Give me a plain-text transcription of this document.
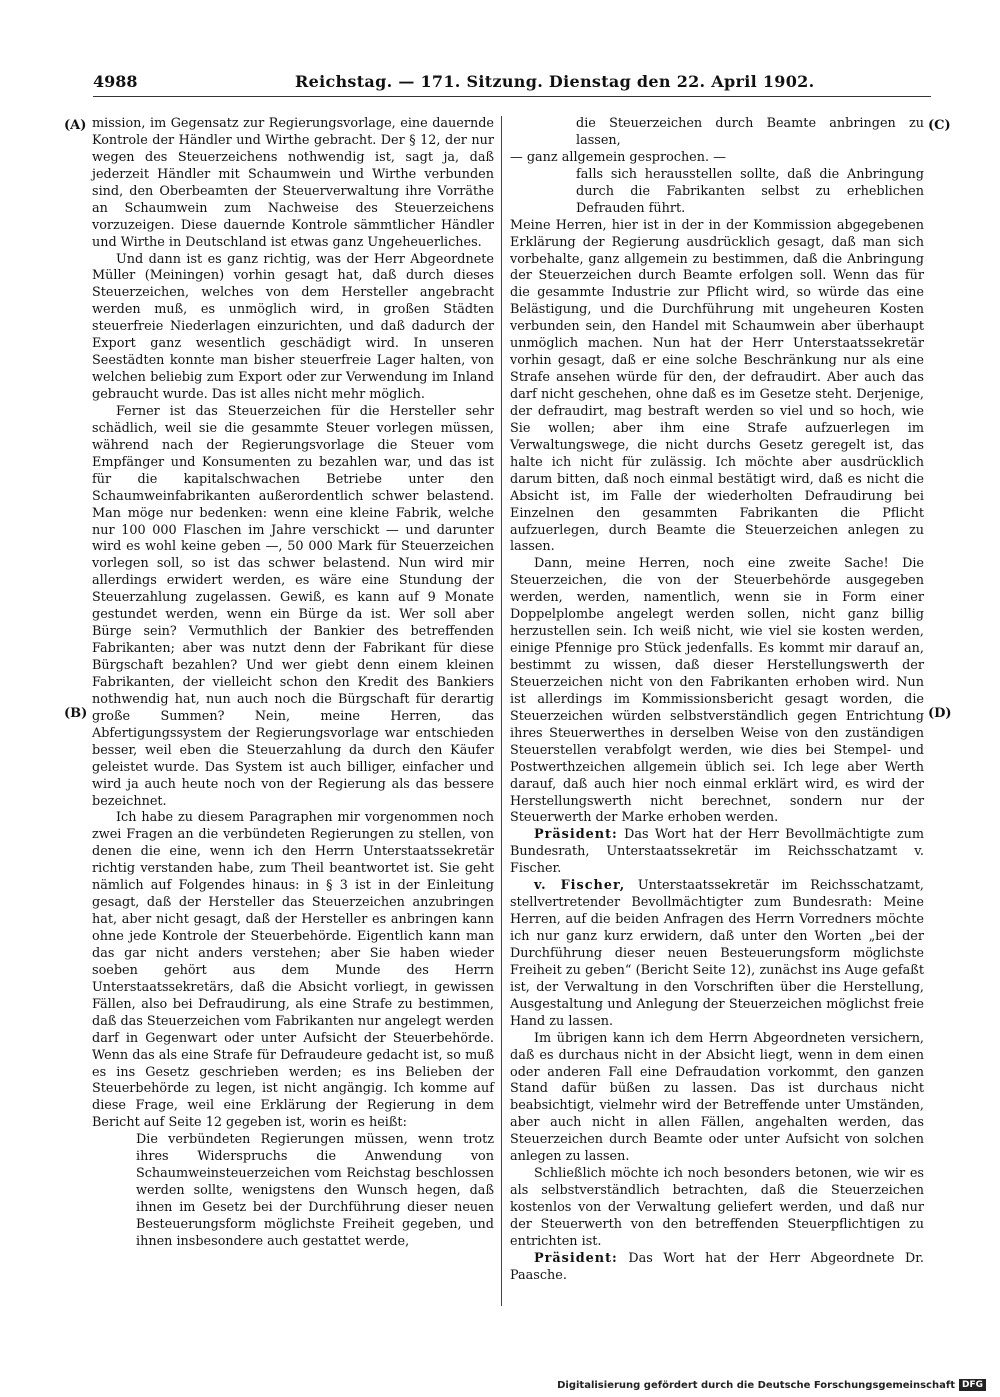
4988	Reichstag. — 171. Sitzung. Dienstag den 22. April 1902.
(A)
(B)
(C)
(D)

mission, im Gegensatz zur Regierungsvorlage, eine dauernde Kontrole der Händler und Wirthe gebracht. Der § 12, der nur wegen des Steuerzeichens nothwendig ist, sagt ja, daß jederzeit Händler mit Schaumwein und Wirthe verbunden sind, den Oberbeamten der Steuerverwaltung ihre Vorräthe an Schaumwein zum Nachweise des Steuerzeichens vorzuzeigen. Diese dauernde Kontrole sämmtlicher Händler und Wirthe in Deutschland ist etwas ganz Ungeheuerliches.

Und dann ist es ganz richtig, was der Herr Abgeordnete Müller (Meiningen) vorhin gesagt hat, daß durch dieses Steuerzeichen, welches von dem Hersteller angebracht werden muß, es unmöglich wird, in großen Städten steuerfreie Niederlagen einzurichten, und daß dadurch der Export ganz wesentlich geschädigt wird. In unseren Seestädten konnte man bisher steuerfreie Lager halten, von welchen beliebig zum Export oder zur Verwendung im Inland gebraucht wurde. Das ist alles nicht mehr möglich.

Ferner ist das Steuerzeichen für die Hersteller sehr schädlich, weil sie die gesammte Steuer vorlegen müssen, während nach der Regierungsvorlage die Steuer vom Empfänger und Konsumenten zu bezahlen war, und das ist für die kapitalschwachen Betriebe unter den Schaumweinfabrikanten außerordentlich schwer belastend. Man möge nur bedenken: wenn eine kleine Fabrik, welche nur 100 000 Flaschen im Jahre verschickt — und darunter wird es wohl keine geben —, 50 000 Mark für Steuerzeichen vorlegen soll, so ist das schwer belastend. Nun wird mir allerdings erwidert werden, es wäre eine Stundung der Steuerzahlung zugelassen. Gewiß, es kann auf 9 Monate gestundet werden, wenn ein Bürge da ist. Wer soll aber Bürge sein? Vermuthlich der Bankier des betreffenden Fabrikanten; aber was nutzt denn der Fabrikant für diese Bürgschaft bezahlen? Und wer giebt denn einem kleinen Fabrikanten, der vielleicht schon den Kredit des Bankiers nothwendig hat, nun auch noch die Bürgschaft für derartig große Summen? Nein, meine Herren, das Abfertigungssystem der Regierungsvorlage war entschieden besser, weil eben die Steuerzahlung da durch den Käufer geleistet wurde. Das System ist auch billiger, einfacher und wird ja auch heute noch von der Regierung als das bessere bezeichnet.

Ich habe zu diesem Paragraphen mir vorgenommen noch zwei Fragen an die verbündeten Regierungen zu stellen, von denen die eine, wenn ich den Herrn Unterstaatssekretär richtig verstanden habe, zum Theil beantwortet ist. Sie geht nämlich auf Folgendes hinaus: in § 3 ist in der Einleitung gesagt, daß der Hersteller das Steuerzeichen anzubringen hat, aber nicht gesagt, daß der Hersteller es anbringen kann ohne jede Kontrole der Steuerbehörde. Eigentlich kann man das gar nicht anders verstehen; aber Sie haben wieder soeben gehört aus dem Munde des Herrn Unterstaatssekretärs, daß die Absicht vorliegt, in gewissen Fällen, also bei Defraudirung, als eine Strafe zu bestimmen, daß das Steuerzeichen vom Fabrikanten nur angelegt werden darf in Gegenwart oder unter Aufsicht der Steuerbehörde. Wenn das als eine Strafe für Defraudeure gedacht ist, so muß es ins Gesetz geschrieben werden; es ins Belieben der Steuerbehörde zu legen, ist nicht angängig. Ich komme auf diese Frage, weil eine Erklärung der Regierung in dem Bericht auf Seite 12 gegeben ist, worin es heißt:

Die verbündeten Regierungen müssen, wenn trotz ihres Widerspruchs die Anwendung von Schaumweinsteuerzeichen vom Reichstag beschlossen werden sollte, wenigstens den Wunsch hegen, daß ihnen im Gesetz bei der Durchführung dieser neuen Besteuerungsform möglichste Freiheit gegeben, und ihnen insbesondere auch gestattet werde,

die Steuerzeichen durch Beamte anbringen zu lassen,

— ganz allgemein gesprochen. —

falls sich herausstellen sollte, daß die Anbringung durch die Fabrikanten selbst zu erheblichen Defrauden führt.

Meine Herren, hier ist in der in der Kommission abgegebenen Erklärung der Regierung ausdrücklich gesagt, daß man sich vorbehalte, ganz allgemein zu bestimmen, daß die Anbringung der Steuerzeichen durch Beamte erfolgen soll. Wenn das für die gesammte Industrie zur Pflicht wird, so würde das eine Belästigung, und die Durchführung mit ungeheuren Kosten verbunden sein, den Handel mit Schaumwein aber überhaupt unmöglich machen. Nun hat der Herr Unterstaatssekretär vorhin gesagt, daß er eine solche Beschränkung nur als eine Strafe ansehen würde für den, der defraudirt. Aber auch das darf nicht geschehen, ohne daß es im Gesetze steht. Derjenige, der defraudirt, mag bestraft werden so viel und so hoch, wie Sie wollen; aber ihm eine Strafe aufzuerlegen im Verwaltungswege, die nicht durchs Gesetz geregelt ist, das halte ich nicht für zulässig. Ich möchte aber ausdrücklich darum bitten, daß noch einmal bestätigt wird, daß es nicht die Absicht ist, im Falle der wiederholten Defraudirung bei Einzelnen den gesammten Fabrikanten die Pflicht aufzuerlegen, durch Beamte die Steuerzeichen anlegen zu lassen.

Dann, meine Herren, noch eine zweite Sache! Die Steuerzeichen, die von der Steuerbehörde ausgegeben werden, werden, namentlich, wenn sie in Form einer Doppelplombe angelegt werden sollen, nicht ganz billig herzustellen sein. Ich weiß nicht, wie viel sie kosten werden, einige Pfennige pro Stück jedenfalls. Es kommt mir darauf an, bestimmt zu wissen, daß dieser Herstellungswerth der Steuerzeichen nicht von den Fabrikanten erhoben wird. Nun ist allerdings im Kommissionsbericht gesagt worden, die Steuerzeichen würden selbstverständlich gegen Entrichtung ihres Steuerwerthes in derselben Weise von den zuständigen Steuerstellen verabfolgt werden, wie dies bei Stempel- und Postwerthzeichen allgemein üblich sei. Ich lege aber Werth darauf, daß auch hier noch einmal erklärt wird, es wird der Herstellungswerth nicht berechnet, sondern nur der Steuerwerth der Marke erhoben werden.

Präsident: Das Wort hat der Herr Bevollmächtigte zum Bundesrath, Unterstaatssekretär im Reichsschatzamt v. Fischer.

v. Fischer, Unterstaatssekretär im Reichsschatzamt, stellvertretender Bevollmächtigter zum Bundesrath: Meine Herren, auf die beiden Anfragen des Herrn Vorredners möchte ich nur ganz kurz erwidern, daß unter den Worten „bei der Durchführung dieser neuen Besteuerungsform möglichste Freiheit zu geben“ (Bericht Seite 12), zunächst ins Auge gefaßt ist, der Verwaltung in den Vorschriften über die Herstellung, Ausgestaltung und Anlegung der Steuerzeichen möglichst freie Hand zu lassen.

Im übrigen kann ich dem Herrn Abgeordneten versichern, daß es durchaus nicht in der Absicht liegt, wenn in dem einen oder anderen Fall eine Defraudation vorkommt, den ganzen Stand dafür büßen zu lassen. Das ist durchaus nicht beabsichtigt, vielmehr wird der Betreffende unter Umständen, aber auch nicht in allen Fällen, angehalten werden, das Steuerzeichen durch Beamte oder unter Aufsicht von solchen anlegen zu lassen.

Schließlich möchte ich noch besonders betonen, wie wir es als selbstverständlich betrachten, daß die Steuerzeichen kostenlos von der Verwaltung geliefert werden, und daß nur der Steuerwerth von den betreffenden Steuerpflichtigen zu entrichten ist.

Präsident: Das Wort hat der Herr Abgeordnete Dr. Paasche.

Digitalisierung gefördert durch die Deutsche Forschungsgemeinschaft DFG
